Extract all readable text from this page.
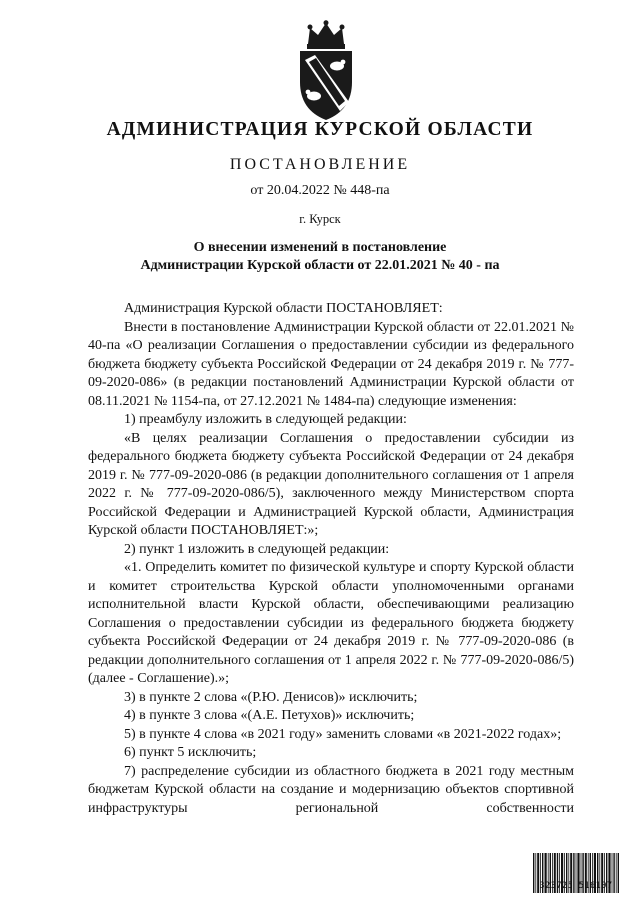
АДМИНИСТРАЦИЯ КУРСКОЙ ОБЛАСТИ
ПОСТАНОВЛЕНИЕ
от 20.04.2022 № 448-па
г. Курск
О внесении изменений в постановление
Администрации Курской области от 22.01.2021 № 40 - па

Администрация Курской области ПОСТАНОВЛЯЕТ:

Внести в постановление Администрации Курской области от 22.01.2021 № 40-па «О реализации Соглашения о предоставлении субсидии из федерального бюджета бюджету субъекта Российской Федерации от 24 декабря 2019 г. № 777-09-2020-086» (в редакции постановлений Администрации Курской области от 08.11.2021 № 1154-па, от 27.12.2021 № 1484-па) следующие изменения:

1) преамбулу изложить в следующей редакции:

«В целях реализации Соглашения о предоставлении субсидии из федерального бюджета бюджету субъекта Российской Федерации от 24 декабря 2019 г. № 777-09-2020-086 (в редакции дополнительного соглашения от 1 апреля 2022 г. № 777-09-2020-086/5), заключенного между Министерством спорта Российской Федерации и Администрацией Курской области, Администрация Курской области ПОСТАНОВЛЯЕТ:»;

2) пункт 1 изложить в следующей редакции:

«1. Определить комитет по физической культуре и спорту Курской области и комитет строительства Курской области уполномоченными органами исполнительной власти Курской области, обеспечивающими реализацию Соглашения о предоставлении субсидии из федерального бюджета бюджету субъекта Российской Федерации от 24 декабря 2019 г. № 777-09-2020-086 (в редакции дополнительного соглашения от 1 апреля 2022 г. № 777-09-2020-086/5) (далее - Соглашение).»;

3) в пункте 2 слова «(Р.Ю. Денисов)» исключить;

4) в пункте 3 слова «(А.Е. Петухов)» исключить;

5) в пункте 4 слова «в 2021 году» заменить словами «в 2021-2022 годах»;

6) пункт 5 исключить;

7) распределение субсидии из областного бюджета в 2021 году местным бюджетам Курской области на создание и модернизацию объектов спортивной инфраструктуры региональной собственности

323725 516107
